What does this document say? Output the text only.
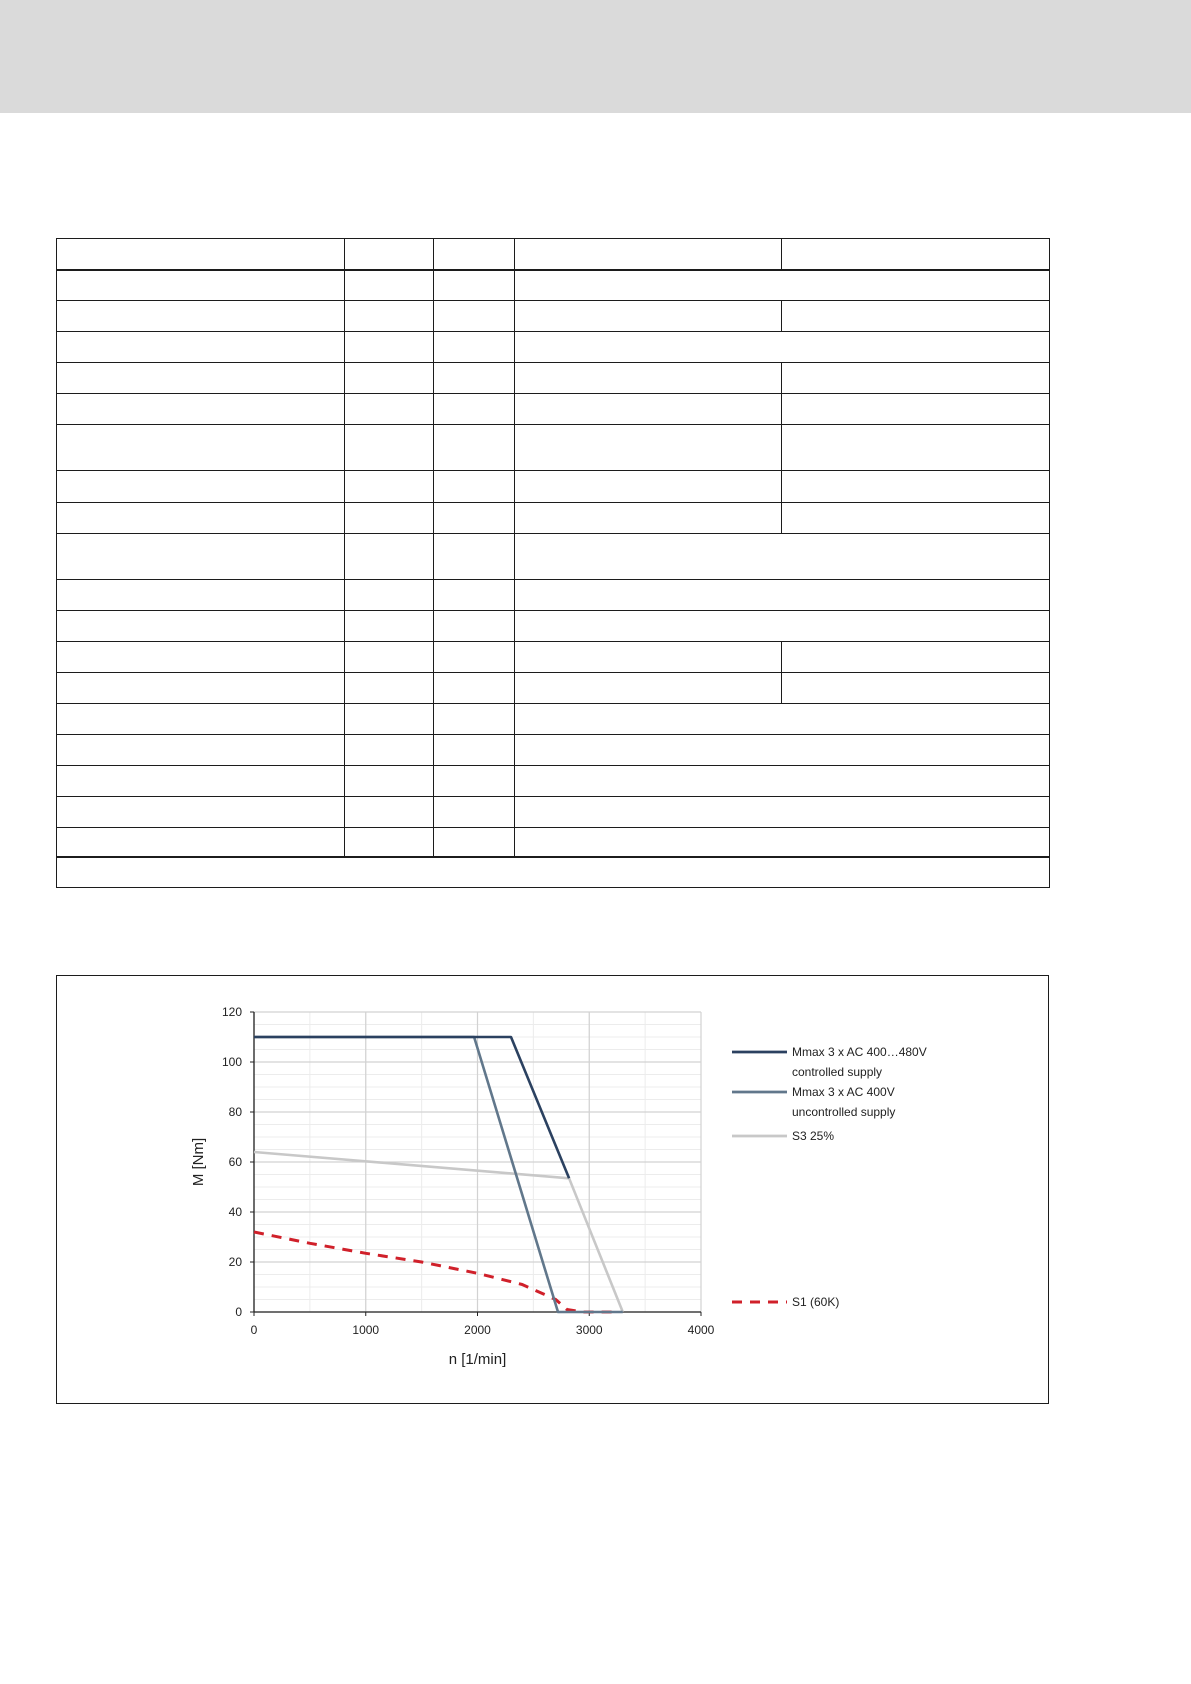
0	1000	2000	3000	4000
0
20
40
60
80
100
120
Mmax 3 x AC 400…480V
controlled supply
Mmax 3 x AC 400V
uncontrolled supply
S3 25%
S1 (60K)
n [1/min]
M [Nm]
